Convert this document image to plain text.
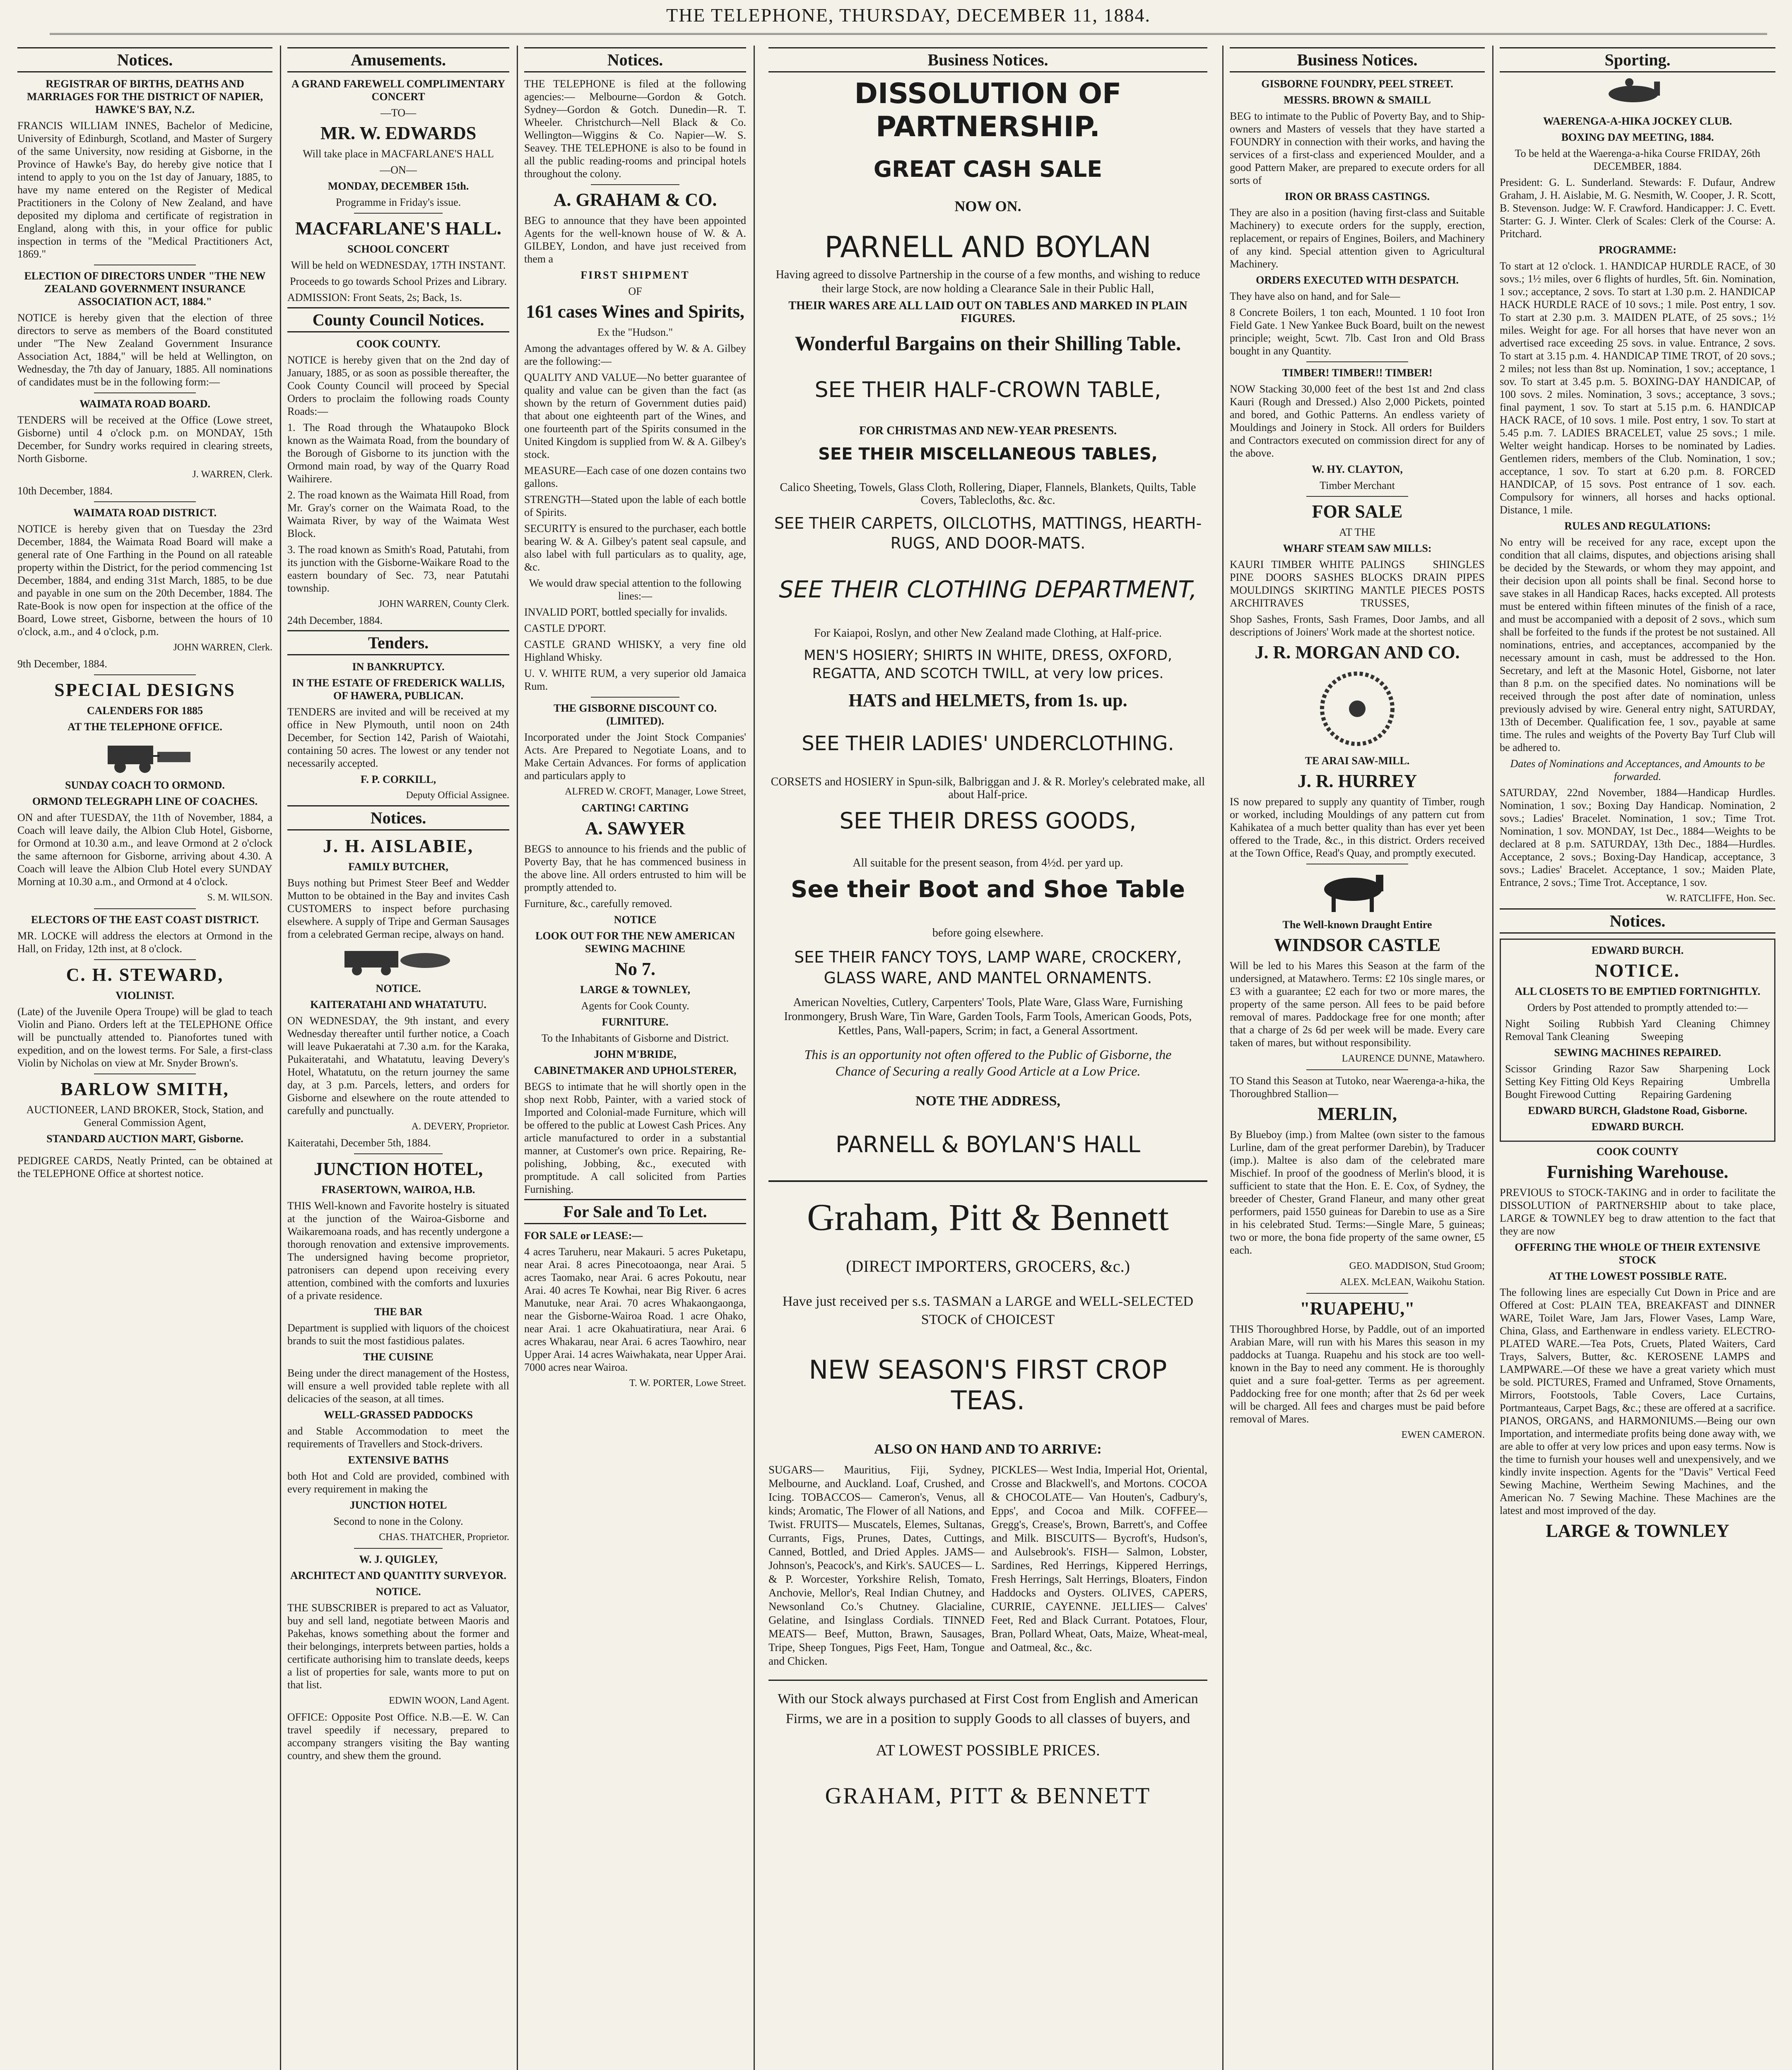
THE TELEPHONE, THURSDAY, DECEMBER 11, 1884.
Notices.

REGISTRAR OF BIRTHS, DEATHS AND MARRIAGES FOR THE DISTRICT OF NAPIER, HAWKE'S BAY, N.Z.

FRANCIS WILLIAM INNES, Bachelor of Medicine, University of Edinburgh, Scotland, and Master of Surgery of the same University, now residing at Gisborne, in the Province of Hawke's Bay, do hereby give notice that I intend to apply to you on the 1st day of January, 1885, to have my name entered on the Register of Medical Practitioners in the Colony of New Zealand, and have deposited my diploma and certificate of registration in England, along with this, in your office for public inspection in terms of the "Medical Practitioners Act, 1869."

ELECTION OF DIRECTORS UNDER "THE NEW ZEALAND GOVERNMENT INSURANCE ASSOCIATION ACT, 1884."

NOTICE is hereby given that the election of three directors to serve as members of the Board constituted under "The New Zealand Government Insurance Association Act, 1884," will be held at Wellington, on Wednesday, the 7th day of January, 1885. All nominations of candidates must be in the following form:—

WAIMATA ROAD BOARD.

TENDERS will be received at the Office (Lowe street, Gisborne) until 4 o'clock p.m. on MONDAY, 15th December, for Sundry works required in clearing streets, North Gisborne.

J. WARREN, Clerk.

10th December, 1884.

WAIMATA ROAD DISTRICT.

NOTICE is hereby given that on Tuesday the 23rd December, 1884, the Waimata Road Board will make a general rate of One Farthing in the Pound on all rateable property within the District, for the period commencing 1st December, 1884, and ending 31st March, 1885, to be due and payable in one sum on the 20th December, 1884. The Rate-Book is now open for inspection at the office of the Board, Lowe street, Gisborne, between the hours of 10 o'clock, a.m., and 4 o'clock, p.m.

JOHN WARREN, Clerk.

9th December, 1884.

SPECIAL DESIGNS

CALENDERS FOR 1885

AT THE TELEPHONE OFFICE.

SUNDAY COACH TO ORMOND.

ORMOND TELEGRAPH LINE OF COACHES.

ON and after TUESDAY, the 11th of November, 1884, a Coach will leave daily, the Albion Club Hotel, Gisborne, for Ormond at 10.30 a.m., and leave Ormond at 2 o'clock the same afternoon for Gisborne, arriving about 4.30. A Coach will leave the Albion Club Hotel every SUNDAY Morning at 10.30 a.m., and Ormond at 4 o'clock.

S. M. WILSON.

ELECTORS OF THE EAST COAST DISTRICT.

MR. LOCKE will address the electors at Ormond in the Hall, on Friday, 12th inst, at 8 o'clock.

C. H. STEWARD,

VIOLINIST.

(Late) of the Juvenile Opera Troupe) will be glad to teach Violin and Piano. Orders left at the TELEPHONE Office will be punctually attended to. Pianofortes tuned with expedition, and on the lowest terms. For Sale, a first-class Violin by Nicholas on view at Mr. Snyder Brown's.

BARLOW SMITH,

AUCTIONEER, LAND BROKER, Stock, Station, and General Commission Agent,

STANDARD AUCTION MART, Gisborne.

PEDIGREE CARDS, Neatly Printed, can be obtained at the TELEPHONE Office at shortest notice.

Amusements.

A GRAND FAREWELL COMPLIMENTARY CONCERT

—TO—

MR. W. EDWARDS

Will take place in MACFARLANE'S HALL

—ON—

MONDAY, DECEMBER 15th.

Programme in Friday's issue.

MACFARLANE'S HALL.

SCHOOL CONCERT

Will be held on WEDNESDAY, 17TH INSTANT.

Proceeds to go towards School Prizes and Library.

ADMISSION: Front Seats, 2s; Back, 1s.

County Council Notices.

COOK COUNTY.

NOTICE is hereby given that on the 2nd day of January, 1885, or as soon as possible thereafter, the Cook County Council will proceed by Special Orders to proclaim the following roads County Roads:—

1. The Road through the Whataupoko Block known as the Waimata Road, from the boundary of the Borough of Gisborne to its junction with the Ormond main road, by way of the Quarry Road Waihirere.

2. The road known as the Waimata Hill Road, from Mr. Gray's corner on the Waimata Road, to the Waimata River, by way of the Waimata West Block.

3. The road known as Smith's Road, Patutahi, from its junction with the Gisborne-Waikare Road to the eastern boundary of Sec. 73, near Patutahi township.

JOHN WARREN, County Clerk.

24th December, 1884.

Tenders.

IN BANKRUPTCY.

IN THE ESTATE OF FREDERICK WALLIS, OF HAWERA, PUBLICAN.

TENDERS are invited and will be received at my office in New Plymouth, until noon on 24th December, for Section 142, Parish of Waiotahi, containing 50 acres. The lowest or any tender not necessarily accepted.

F. P. CORKILL,

Deputy Official Assignee.

Notices.

J. H. AISLABIE,

FAMILY BUTCHER,

Buys nothing but Primest Steer Beef and Wedder Mutton to be obtained in the Bay and invites Cash CUSTOMERS to inspect before purchasing elsewhere. A supply of Tripe and German Sausages from a celebrated German recipe, always on hand.

NOTICE.

KAITERATAHI AND WHATATUTU.

ON WEDNESDAY, the 9th instant, and every Wednesday thereafter until further notice, a Coach will leave Pukaeratahi at 7.30 a.m. for the Karaka, Pukaiteratahi, and Whatatutu, leaving Devery's Hotel, Whatatutu, on the return journey the same day, at 3 p.m. Parcels, letters, and orders for Gisborne and elsewhere on the route attended to carefully and punctually.

A. DEVERY, Proprietor.

Kaiteratahi, December 5th, 1884.

JUNCTION HOTEL,

FRASERTOWN, WAIROA, H.B.

THIS Well-known and Favorite hostelry is situated at the junction of the Wairoa-Gisborne and Waikaremoana roads, and has recently undergone a thorough renovation and extensive improvements. The undersigned having become proprietor, patronisers can depend upon receiving every attention, combined with the comforts and luxuries of a private residence.

THE BAR

Department is supplied with liquors of the choicest brands to suit the most fastidious palates.

THE CUISINE

Being under the direct management of the Hostess, will ensure a well provided table replete with all delicacies of the season, at all times.

WELL-GRASSED PADDOCKS

and Stable Accommodation to meet the requirements of Travellers and Stock-drivers.

EXTENSIVE BATHS

both Hot and Cold are provided, combined with every requirement in making the

JUNCTION HOTEL

Second to none in the Colony.

CHAS. THATCHER, Proprietor.

W. J. QUIGLEY,

ARCHITECT AND QUANTITY SURVEYOR.

NOTICE.

THE SUBSCRIBER is prepared to act as Valuator, buy and sell land, negotiate between Maoris and Pakehas, knows something about the former and their belongings, interprets between parties, holds a certificate authorising him to translate deeds, keeps a list of properties for sale, wants more to put on that list.

EDWIN WOON, Land Agent.

OFFICE: Opposite Post Office. N.B.—E. W. Can travel speedily if necessary, prepared to accompany strangers visiting the Bay wanting country, and shew them the ground.

Notices.

THE TELEPHONE is filed at the following agencies:— Melbourne—Gordon & Gotch. Sydney—Gordon & Gotch. Dunedin—R. T. Wheeler. Christchurch—Nell Black & Co. Wellington—Wiggins & Co. Napier—W. S. Seavey. THE TELEPHONE is also to be found in all the public reading-rooms and principal hotels throughout the colony.

A. GRAHAM & CO.

BEG to announce that they have been appointed Agents for the well-known house of W. & A. GILBEY, London, and have just received from them a

FIRST SHIPMENT

OF

161 cases Wines and Spirits,

Ex the "Hudson."

Among the advantages offered by W. & A. Gilbey are the following:—

QUALITY AND VALUE—No better guarantee of quality and value can be given than the fact (as shown by the return of Government duties paid) that about one eighteenth part of the Wines, and one fourteenth part of the Spirits consumed in the United Kingdom is supplied from W. & A. Gilbey's stock.

MEASURE—Each case of one dozen contains two gallons.

STRENGTH—Stated upon the lable of each bottle of Spirits.

SECURITY is ensured to the purchaser, each bottle bearing W. & A. Gilbey's patent seal capsule, and also label with full particulars as to quality, age, &c.

We would draw special attention to the following lines:—

INVALID PORT, bottled specially for invalids.

CASTLE D'PORT.

CASTLE GRAND WHISKY, a very fine old Highland Whisky.

U. V. WHITE RUM, a very superior old Jamaica Rum.

THE GISBORNE DISCOUNT CO. (LIMITED).

Incorporated under the Joint Stock Companies' Acts. Are Prepared to Negotiate Loans, and to Make Certain Advances. For forms of application and particulars apply to

ALFRED W. CROFT, Manager, Lowe Street,

CARTING! CARTING

A. SAWYER

BEGS to announce to his friends and the public of Poverty Bay, that he has commenced business in the above line. All orders entrusted to him will be promptly attended to.

Furniture, &c., carefully removed.

NOTICE

LOOK OUT FOR THE NEW AMERICAN SEWING MACHINE

No 7.

LARGE & TOWNLEY,

Agents for Cook County.

FURNITURE.

To the Inhabitants of Gisborne and District.

JOHN M'BRIDE,

CABINETMAKER AND UPHOLSTERER,

BEGS to intimate that he will shortly open in the shop next Robb, Painter, with a varied stock of Imported and Colonial-made Furniture, which will be offered to the public at Lowest Cash Prices. Any article manufactured to order in a substantial manner, at Customer's own price. Repairing, Re-polishing, Jobbing, &c., executed with promptitude. A call solicited from Parties Furnishing.

For Sale and To Let.

FOR SALE or LEASE:—

4 acres Taruheru, near Makauri. 5 acres Puketapu, near Arai. 8 acres Pinecotoaonga, near Arai. 5 acres Taomako, near Arai. 6 acres Pokoutu, near Arai. 40 acres Te Kowhai, near Big River. 6 acres Manutuke, near Arai. 70 acres Whakaongaonga, near the Gisborne-Wairoa Road. 1 acre Ohako, near Arai. 1 acre Okahuatiratiura, near Arai. 6 acres Whakarau, near Arai. 6 acres Taowhiro, near Upper Arai. 14 acres Waiwhakata, near Upper Arai. 7000 acres near Wairoa.

T. W. PORTER, Lowe Street.

Business Notices.

DISSOLUTION OF PARTNERSHIP.

GREAT CASH SALE

NOW ON.

PARNELL AND BOYLAN

Having agreed to dissolve Partnership in the course of a few months, and wishing to reduce their large Stock, are now holding a Clearance Sale in their Public Hall,

THEIR WARES ARE ALL LAID OUT ON TABLES AND MARKED IN PLAIN FIGURES.

Wonderful Bargains on their Shilling Table.

SEE THEIR HALF-CROWN TABLE,

FOR CHRISTMAS AND NEW-YEAR PRESENTS.

SEE THEIR MISCELLANEOUS TABLES,

Calico Sheeting, Towels, Glass Cloth, Rollering, Diaper, Flannels, Blankets, Quilts, Table Covers, Tablecloths, &c. &c.

SEE THEIR CARPETS, OILCLOTHS, MATTINGS, HEARTH-RUGS, AND DOOR-MATS.

SEE THEIR CLOTHING DEPARTMENT,

For Kaiapoi, Roslyn, and other New Zealand made Clothing, at Half-price.

MEN'S HOSIERY; SHIRTS IN WHITE, DRESS, OXFORD, REGATTA, AND SCOTCH TWILL, at very low prices.

HATS and HELMETS, from 1s. up.

SEE THEIR LADIES' UNDERCLOTHING.

CORSETS and HOSIERY in Spun-silk, Balbriggan and J. & R. Morley's celebrated make, all about Half-price.

SEE THEIR DRESS GOODS,

All suitable for the present season, from 4½d. per yard up.

See their Boot and Shoe Table

before going elsewhere.

SEE THEIR FANCY TOYS, LAMP WARE, CROCKERY, GLASS WARE, AND MANTEL ORNAMENTS.

American Novelties, Cutlery, Carpenters' Tools, Plate Ware, Glass Ware, Furnishing Ironmongery, Brush Ware, Tin Ware, Garden Tools, Farm Tools, American Goods, Pots, Kettles, Pans, Wall-papers, Scrim; in fact, a General Assortment.

This is an opportunity not often offered to the Public of Gisborne, the Chance of Securing a really Good Article at a Low Price.

NOTE THE ADDRESS,

PARNELL & BOYLAN'S HALL

Graham, Pitt & Bennett

(DIRECT IMPORTERS, GROCERS, &c.)

Have just received per s.s. TASMAN a LARGE and WELL-SELECTED STOCK of CHOICEST

NEW SEASON'S FIRST CROP TEAS.

ALSO ON HAND AND TO ARRIVE:

SUGARS— Mauritius, Fiji, Sydney, Melbourne, and Auckland. Loaf, Crushed, and Icing. TOBACCOS— Cameron's, Venus, all kinds; Aromatic, The Flower of all Nations, and Twist. FRUITS— Muscatels, Elemes, Sultanas, Currants, Figs, Prunes, Dates, Cuttings, Canned, Bottled, and Dried Apples. JAMS— Johnson's, Peacock's, and Kirk's. SAUCES— L. & P. Worcester, Yorkshire Relish, Tomato, Anchovie, Mellor's, Real Indian Chutney, and Newsonland Co.'s Chutney. Glacialine, Gelatine, and Isinglass Cordials. TINNED MEATS— Beef, Mutton, Brawn, Sausages, Tripe, Sheep Tongues, Pigs Feet, Ham, Tongue and Chicken.

PICKLES— West India, Imperial Hot, Oriental, Crosse and Blackwell's, and Mortons. COCOA & CHOCOLATE— Van Houten's, Cadbury's, Epps', and Cocoa and Milk. COFFEE— Gregg's, Crease's, Brown, Barrett's, and Coffee and Milk. BISCUITS— Bycroft's, Hudson's, and Aulsebrook's. FISH— Salmon, Lobster, Sardines, Red Herrings, Kippered Herrings, Fresh Herrings, Salt Herrings, Bloaters, Findon Haddocks and Oysters. OLIVES, CAPERS, CURRIE, CAYENNE. JELLIES— Calves' Feet, Red and Black Currant. Potatoes, Flour, Bran, Pollard Wheat, Oats, Maize, Wheat-meal, and Oatmeal, &c., &c.

With our Stock always purchased at First Cost from English and American Firms, we are in a position to supply Goods to all classes of buyers, and

AT LOWEST POSSIBLE PRICES.

GRAHAM, PITT & BENNETT

Business Notices.

GISBORNE FOUNDRY, PEEL STREET.

MESSRS. BROWN & SMAILL

BEG to intimate to the Public of Poverty Bay, and to Ship-owners and Masters of vessels that they have started a FOUNDRY in connection with their works, and having the services of a first-class and experienced Moulder, and a good Pattern Maker, are prepared to execute orders for all sorts of

IRON OR BRASS CASTINGS.

They are also in a position (having first-class and Suitable Machinery) to execute orders for the supply, erection, replacement, or repairs of Engines, Boilers, and Machinery of any kind. Special attention given to Agricultural Machinery.

ORDERS EXECUTED WITH DESPATCH.

They have also on hand, and for Sale—

8 Concrete Boilers, 1 ton each, Mounted. 1 10 foot Iron Field Gate. 1 New Yankee Buck Board, built on the newest principle; weight, 5cwt. 7lb. Cast Iron and Old Brass bought in any Quantity.

TIMBER! TIMBER!! TIMBER!

NOW Stacking 30,000 feet of the best 1st and 2nd class Kauri (Rough and Dressed.) Also 2,000 Pickets, pointed and bored, and Gothic Patterns. An endless variety of Mouldings and Joinery in Stock. All orders for Builders and Contractors executed on commission direct for any of the above.

W. HY. CLAYTON,

Timber Merchant

FOR SALE

AT THE

WHARF STEAM SAW MILLS:

KAURI TIMBER WHITE PINE DOORS SASHES MOULDINGS SKIRTING ARCHITRAVES

PALINGS SHINGLES BLOCKS DRAIN PIPES MANTLE PIECES POSTS TRUSSES,

Shop Sashes, Fronts, Sash Frames, Door Jambs, and all descriptions of Joiners' Work made at the shortest notice.

J. R. MORGAN AND CO.

TE ARAI SAW-MILL.

J. R. HURREY

IS now prepared to supply any quantity of Timber, rough or worked, including Mouldings of any pattern cut from Kahikatea of a much better quality than has ever yet been offered to the Trade, &c., in this district. Orders received at the Town Office, Read's Quay, and promptly executed.

The Well-known Draught Entire

WINDSOR CASTLE

Will be led to his Mares this Season at the farm of the undersigned, at Matawhero. Terms: £2 10s single mares, or £3 with a guarantee; £2 each for two or more mares, the property of the same person. All fees to be paid before removal of mares. Paddockage free for one month; after that a charge of 2s 6d per week will be made. Every care taken of mares, but without responsibility.

LAURENCE DUNNE, Matawhero.

TO Stand this Season at Tutoko, near Waerenga-a-hika, the Thoroughbred Stallion—

MERLIN,

By Blueboy (imp.) from Maltee (own sister to the famous Lurline, dam of the great performer Darebin), by Traducer (imp.). Maltee is also dam of the celebrated mare Mischief. In proof of the goodness of Merlin's blood, it is sufficient to state that the Hon. E. E. Cox, of Sydney, the breeder of Chester, Grand Flaneur, and many other great performers, paid 1550 guineas for Darebin to use as a Sire in his celebrated Stud. Terms:—Single Mare, 5 guineas; two or more, the bona fide property of the same owner, £5 each.

GEO. MADDISON, Stud Groom;

ALEX. McLEAN, Waikohu Station.

"RUAPEHU,"

THIS Thoroughbred Horse, by Paddle, out of an imported Arabian Mare, will run with his Mares this season in my paddocks at Tuanga. Ruapehu and his stock are too well-known in the Bay to need any comment. He is thoroughly quiet and a sure foal-getter. Terms as per agreement. Paddocking free for one month; after that 2s 6d per week will be charged. All fees and charges must be paid before removal of Mares.

EWEN CAMERON.

Sporting.

WAERENGA-A-HIKA JOCKEY CLUB.

BOXING DAY MEETING, 1884.

To be held at the Waerenga-a-hika Course FRIDAY, 26th DECEMBER, 1884.

President: G. L. Sunderland. Stewards: F. Dufaur, Andrew Graham, J. H. Aislabie, M. G. Nesmith, W. Cooper, J. R. Scott, B. Stevenson. Judge: W. F. Crawford. Handicapper: J. C. Evett. Starter: G. J. Winter. Clerk of Scales: Clerk of the Course: A. Pritchard.

PROGRAMME:

To start at 12 o'clock. 1. HANDICAP HURDLE RACE, of 30 sovs.; 1½ miles, over 6 flights of hurdles, 5ft. 6in. Nomination, 1 sov.; acceptance, 2 sovs. To start at 1.30 p.m. 2. HANDICAP HACK HURDLE RACE of 10 sovs.; 1 mile. Post entry, 1 sov. To start at 2.30 p.m. 3. MAIDEN PLATE, of 25 sovs.; 1½ miles. Weight for age. For all horses that have never won an advertised race exceeding 25 sovs. in value. Entrance, 2 sovs. To start at 3.15 p.m. 4. HANDICAP TIME TROT, of 20 sovs.; 2 miles; not less than 8st up. Nomination, 1 sov.; acceptance, 1 sov. To start at 3.45 p.m. 5. BOXING-DAY HANDICAP, of 100 sovs. 2 miles. Nomination, 3 sovs.; acceptance, 3 sovs.; final payment, 1 sov. To start at 5.15 p.m. 6. HANDICAP HACK RACE, of 10 sovs. 1 mile. Post entry, 1 sov. To start at 5.45 p.m. 7. LADIES BRACELET, value 25 sovs.; 1 mile. Welter weight handicap. Horses to be nominated by Ladies. Gentlemen riders, members of the Club. Nomination, 1 sov.; acceptance, 1 sov. To start at 6.20 p.m. 8. FORCED HANDICAP, of 15 sovs. Post entrance of 1 sov. each. Compulsory for winners, all horses and hacks optional. Distance, 1 mile.

RULES AND REGULATIONS:

No entry will be received for any race, except upon the condition that all claims, disputes, and objections arising shall be decided by the Stewards, or whom they may appoint, and their decision upon all points shall be final. Second horse to save stakes in all Handicap Races, hacks excepted. All protests must be entered within fifteen minutes of the finish of a race, and must be accompanied with a deposit of 2 sovs., which sum shall be forfeited to the funds if the protest be not sustained. All nominations, entries, and acceptances, accompanied by the necessary amount in cash, must be addressed to the Hon. Secretary, and left at the Masonic Hotel, Gisborne, not later than 8 p.m. on the specified dates. No nominations will be received through the post after date of nomination, unless previously advised by wire. General entry night, SATURDAY, 13th of December. Qualification fee, 1 sov., payable at same time. The rules and weights of the Poverty Bay Turf Club will be adhered to.

Dates of Nominations and Acceptances, and Amounts to be forwarded.

SATURDAY, 22nd November, 1884—Handicap Hurdles. Nomination, 1 sov.; Boxing Day Handicap. Nomination, 2 sovs.; Ladies' Bracelet. Nomination, 1 sov.; Time Trot. Nomination, 1 sov. MONDAY, 1st Dec., 1884—Weights to be declared at 8 p.m. SATURDAY, 13th Dec., 1884—Hurdles. Acceptance, 2 sovs.; Boxing-Day Handicap, acceptance, 3 sovs.; Ladies' Bracelet. Acceptance, 1 sov.; Maiden Plate, Entrance, 2 sovs.; Time Trot. Acceptance, 1 sov.

W. RATCLIFFE, Hon. Sec.

Notices.

EDWARD BURCH.

NOTICE.

ALL CLOSETS TO BE EMPTIED FORTNIGHTLY.

Orders by Post attended to promptly attended to:—

Night Soiling Rubbish Removal Tank Cleaning

Yard Cleaning Chimney Sweeping

SEWING MACHINES REPAIRED.

Scissor Grinding Razor Setting Key Fitting Old Keys Bought Firewood Cutting

Saw Sharpening Lock Repairing Umbrella Repairing Gardening

EDWARD BURCH, Gladstone Road, Gisborne.

EDWARD BURCH.

COOK COUNTY

Furnishing Warehouse.

PREVIOUS to STOCK-TAKING and in order to facilitate the DISSOLUTION of PARTNERSHIP about to take place, LARGE & TOWNLEY beg to draw attention to the fact that they are now

OFFERING THE WHOLE OF THEIR EXTENSIVE STOCK

AT THE LOWEST POSSIBLE RATE.

The following lines are especially Cut Down in Price and are Offered at Cost: PLAIN TEA, BREAKFAST and DINNER WARE, Toilet Ware, Jam Jars, Flower Vases, Lamp Ware, China, Glass, and Earthenware in endless variety. ELECTRO-PLATED WARE.—Tea Pots, Cruets, Plated Waiters, Card Trays, Salvers, Butter, &c. KEROSENE LAMPS and LAMPWARE.—Of these we have a great variety which must be sold. PICTURES, Framed and Unframed, Stove Ornaments, Mirrors, Footstools, Table Covers, Lace Curtains, Portmanteaus, Carpet Bags, &c.; these are offered at a sacrifice. PIANOS, ORGANS, and HARMONIUMS.—Being our own Importation, and intermediate profits being done away with, we are able to offer at very low prices and upon easy terms. Now is the time to furnish your houses well and unexpensively, and we kindly invite inspection. Agents for the "Davis" Vertical Feed Sewing Machine, Wertheim Sewing Machines, and the American No. 7 Sewing Machine. These Machines are the latest and most improved of the day.

LARGE & TOWNLEY
